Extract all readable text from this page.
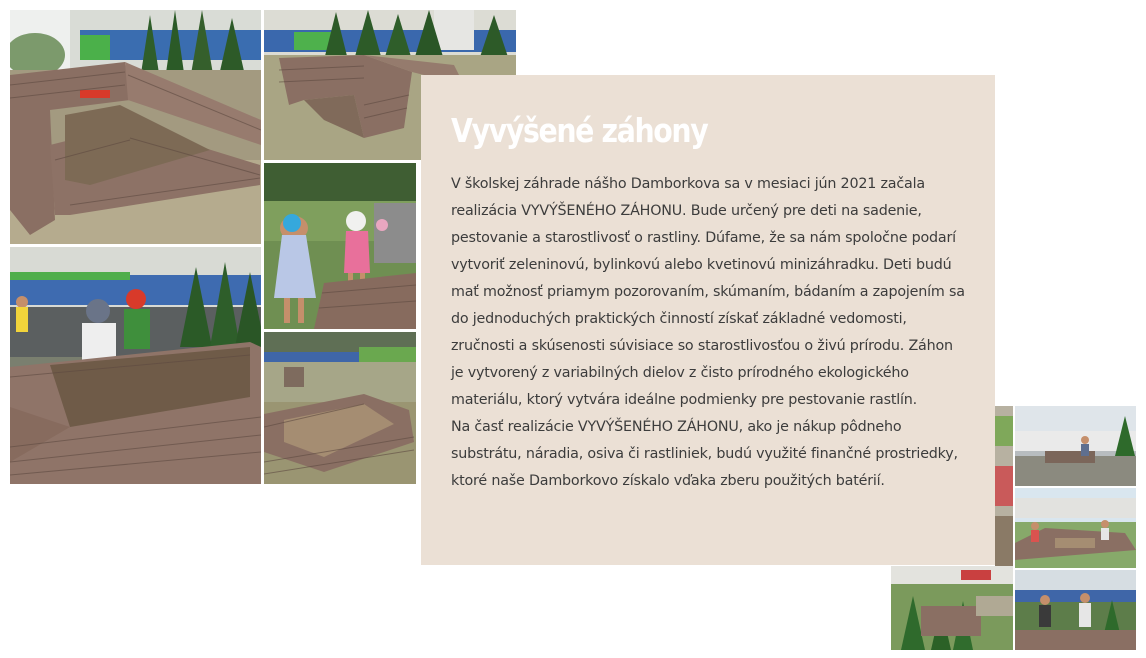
Vyvýšené záhony

V školskej záhrade nášho Damborkova sa v mesiaci jún 2021 začala realizácia VYVÝŠENÉHO ZÁHONU. Bude určený pre deti na sadenie, pestovanie a starostlivosť o rastliny. Dúfame, že sa nám spoločne podarí vytvoriť zeleninovú, bylinkovú alebo kvetinovú minizáhradku. Deti budú mať možnosť priamym pozorovaním, skúmaním, bádaním a zapojením sa do jednoduchých praktických činností získať základné vedomosti, zručnosti a skúsenosti súvisiace so starostlivosťou o živú prírodu. Záhon je vytvorený z variabilných dielov z čisto prírodného ekologického materiálu, ktorý vytvára ideálne podmienky pre pestovanie rastlín.

Na časť realizácie VYVÝŠENÉHO ZÁHONU, ako je nákup pôdneho substrátu, náradia, osiva či rastliniek, budú využité finančné prostriedky, ktoré naše Damborkovo získalo vďaka zberu použitých batérií.
